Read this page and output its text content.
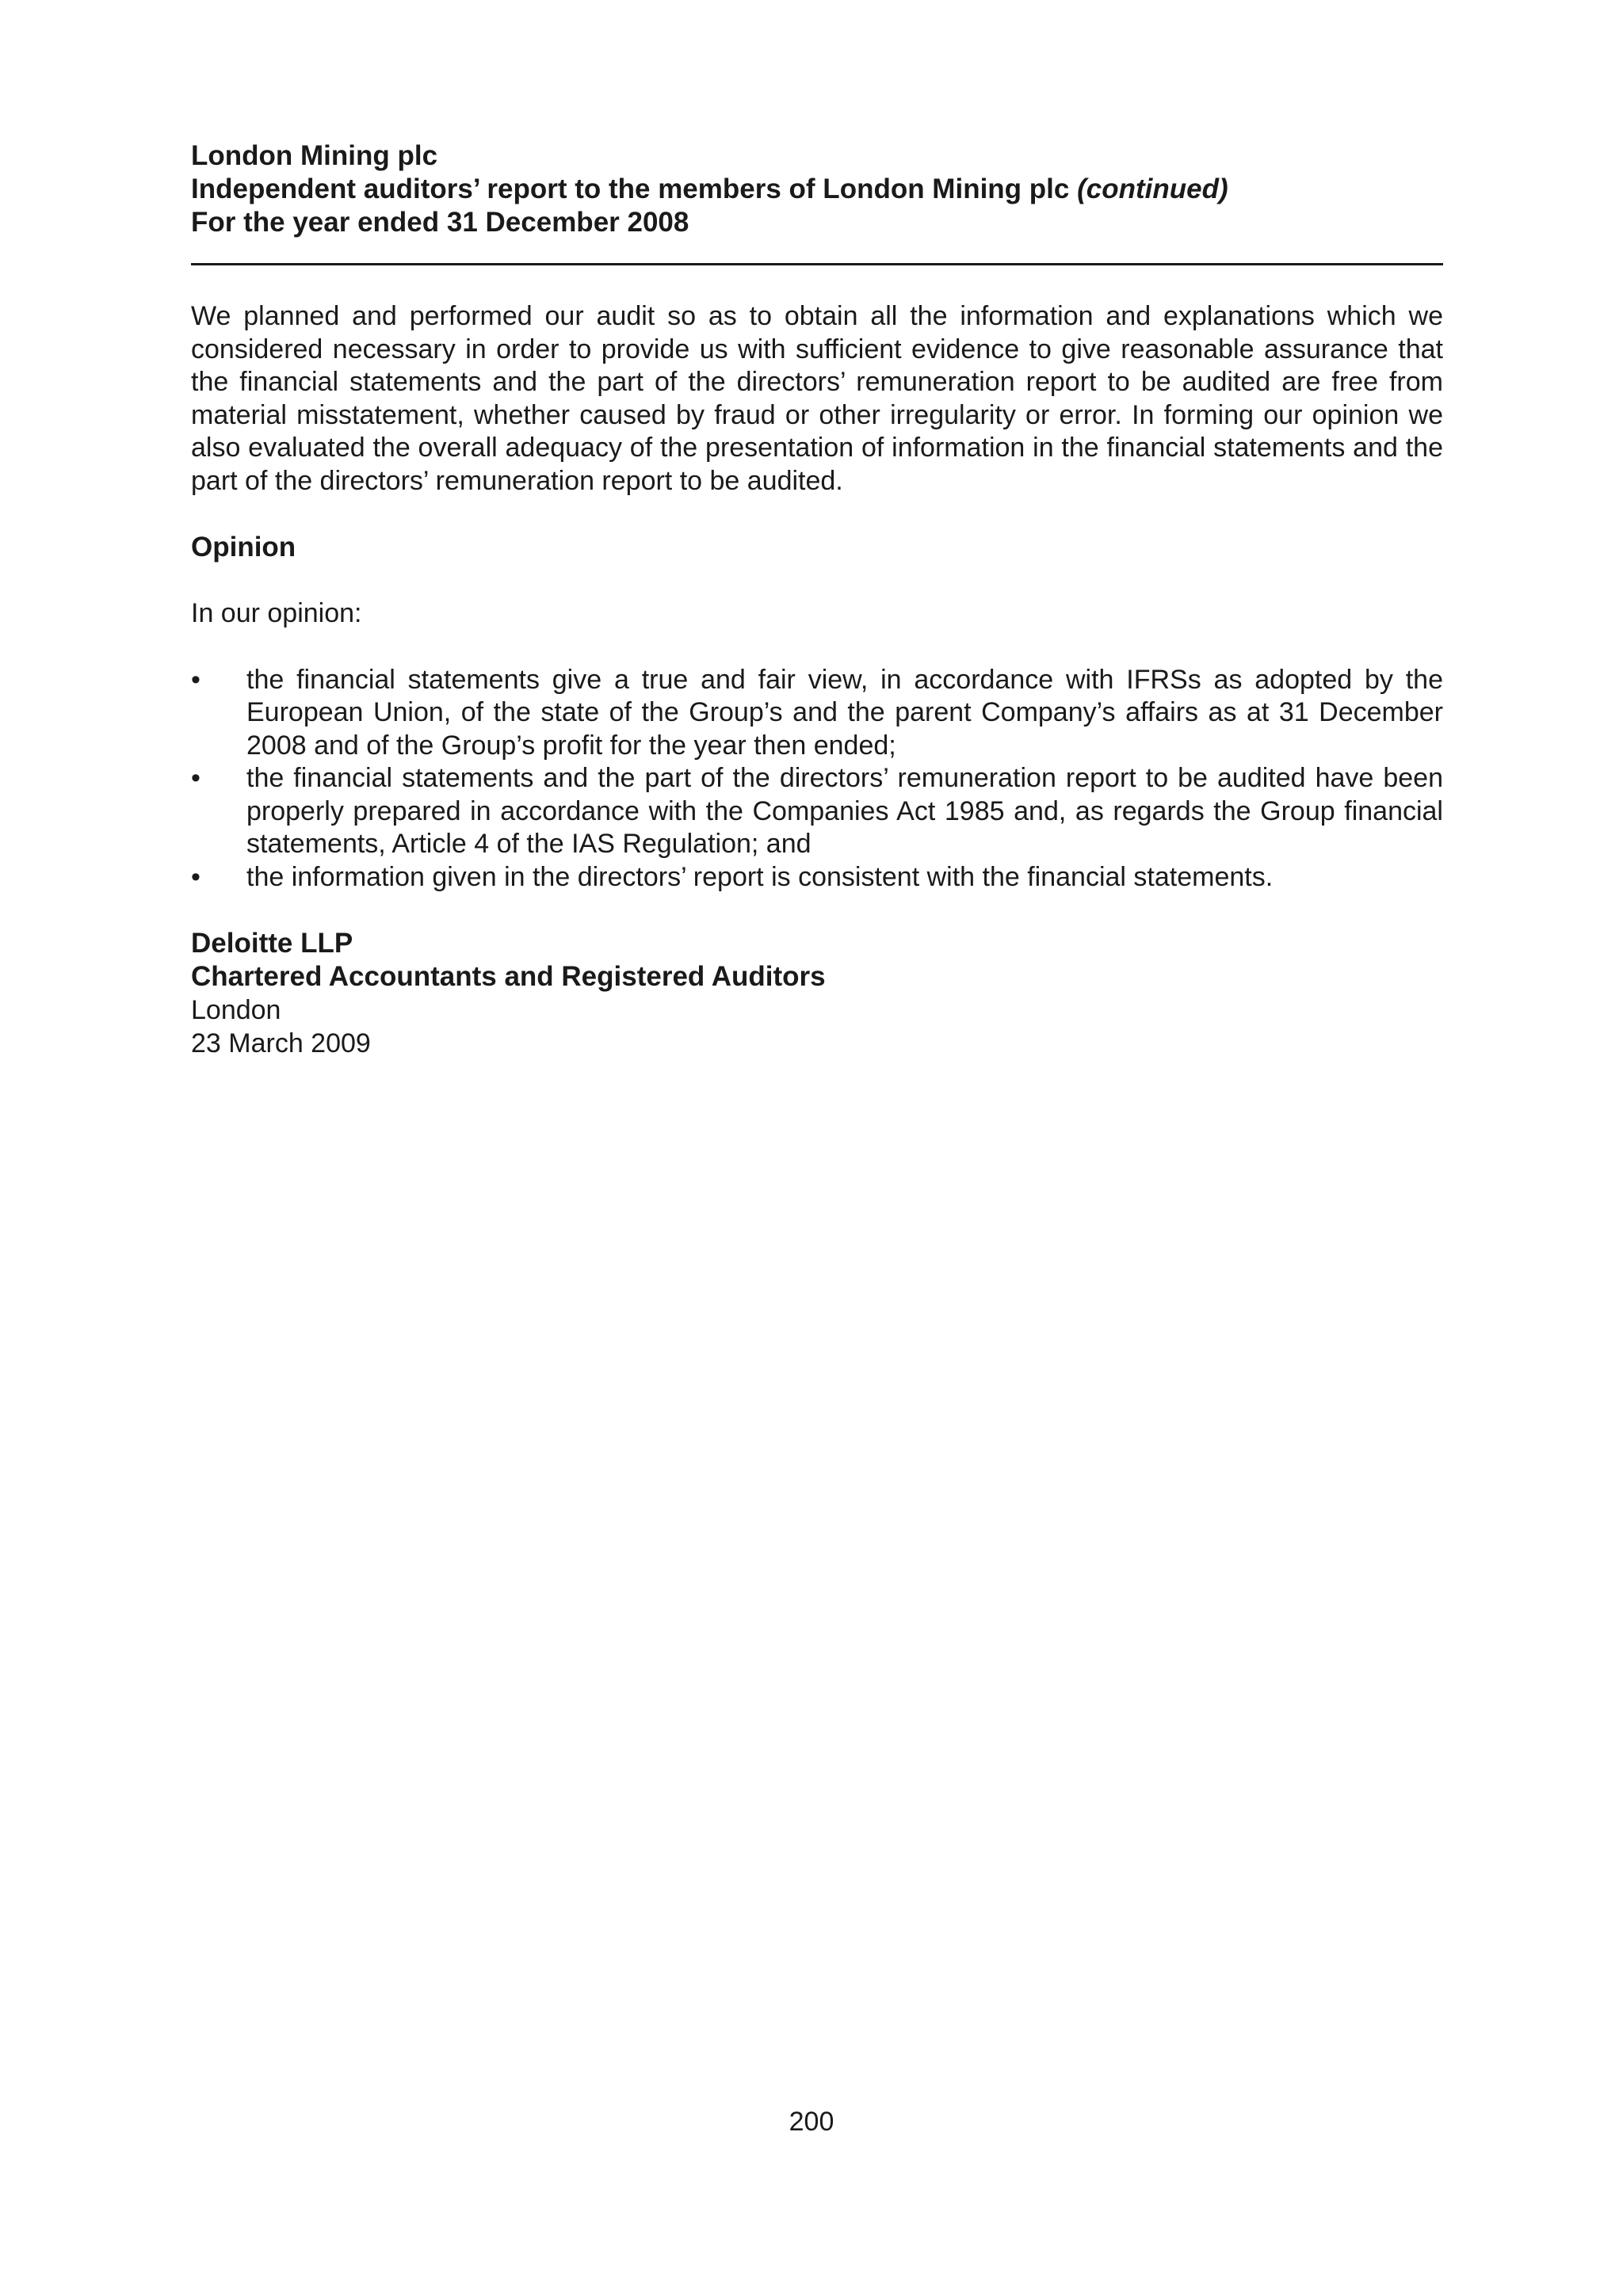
London Mining plc
Independent auditors’ report to the members of London Mining plc (continued)
For the year ended 31 December 2008

We planned and performed our audit so as to obtain all the information and explanations which we considered necessary in order to provide us with sufficient evidence to give reasonable assurance that the financial statements and the part of the directors’ remuneration report to be audited are free from material misstatement, whether caused by fraud or other irregularity or error. In forming our opinion we also evaluated the overall adequacy of the presentation of information in the financial statements and the part of the directors’ remuneration report to be audited.

Opinion
In our opinion:
• the financial statements give a true and fair view, in accordance with IFRSs as adopted by the European Union, of the state of the Group’s and the parent Company’s affairs as at 31 December 2008 and of the Group’s profit for the year then ended;
• the financial statements and the part of the directors’ remuneration report to be audited have been properly prepared in accordance with the Companies Act 1985 and, as regards the Group financial statements, Article 4 of the IAS Regulation; and
• the information given in the directors’ report is consistent with the financial statements.
Deloitte LLP
Chartered Accountants and Registered Auditors
London
23 March 2009
200
